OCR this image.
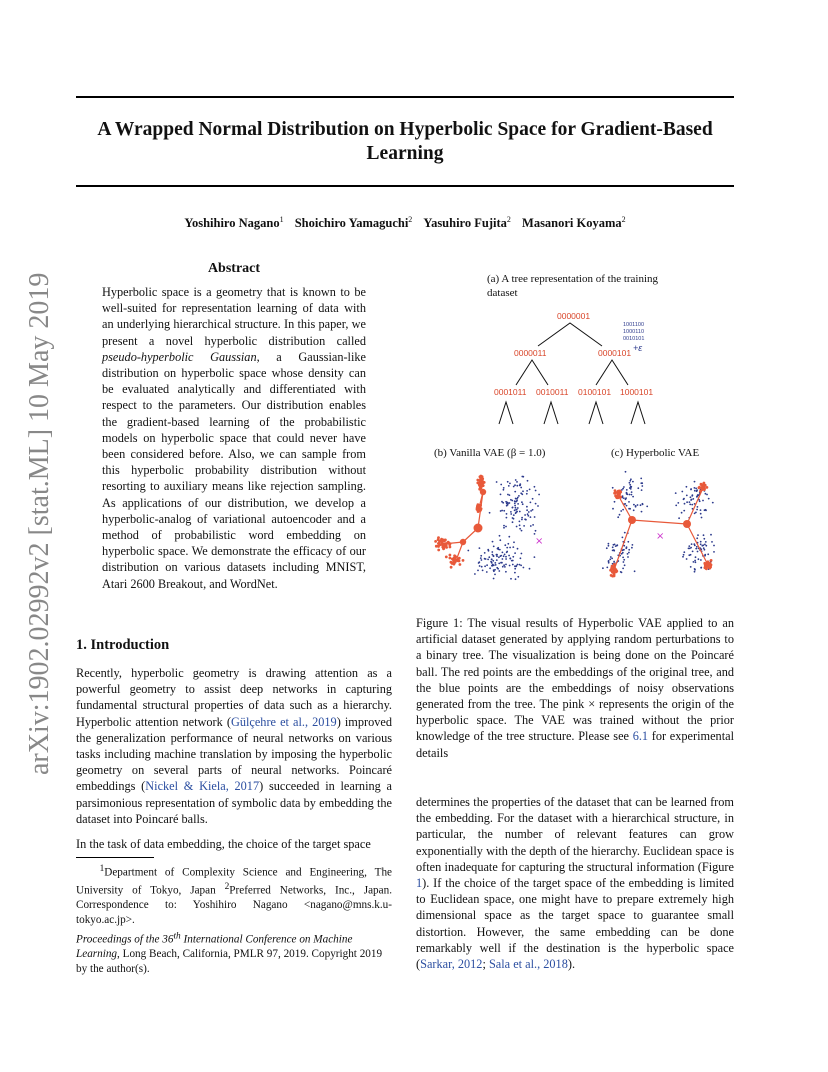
A Wrapped Normal Distribution on Hyperbolic Space for Gradient-Based Learning
Yoshihiro Nagano$^1$ Shoichiro Yamaguchi$^2$ Yasuhiro Fujita$^2$ Masanori Koyama$^2$
arXiv:1902.02992v2 [stat.ML] 10 May 2019
Abstract
Hyperbolic space is a geometry that is known to be well-suited for representation learning of data with an underlying hierarchical structure. In this paper, we present a novel hyperbolic distribution called pseudo-hyperbolic Gaussian, a Gaussian-like distribution on hyperbolic space whose density can be evaluated analytically and differentiated with respect to the parameters. Our distribution enables the gradient-based learning of the probabilistic models on hyperbolic space that could never have been considered before. Also, we can sample from this hyperbolic probability distribution without resorting to auxiliary means like rejection sampling. As applications of our distribution, we develop a hyperbolic-analog of variational autoencoder and a method of probabilistic word embedding on hyperbolic space. We demonstrate the efficacy of our distribution on various datasets including MNIST, Atari 2600 Breakout, and WordNet.
1. Introduction
Recently, hyperbolic geometry is drawing attention as a powerful geometry to assist deep networks in capturing fundamental structural properties of data such as a hierarchy. Hyperbolic attention network (Gülçehre et al., 2019) improved the generalization performance of neural networks on various tasks including machine translation by imposing the hyperbolic geometry on several parts of neural networks. Poincaré embeddings (Nickel & Kiela, 2017) succeeded in learning a parsimonious representation of symbolic data by embedding the dataset into Poincaré balls.
In the task of data embedding, the choice of the target space
$^1$Department of Complexity Science and Engineering, The University of Tokyo, Japan $^2$Preferred Networks, Inc., Japan. Correspondence to: Yoshihiro Nagano <nagano@mns.k.u-tokyo.ac.jp>.
Proceedings of the 36th International Conference on Machine Learning, Long Beach, California, PMLR 97, 2019. Copyright 2019 by the author(s).
(a) A tree representation of the training dataset
(b) Vanilla VAE (β = 1.0)	(c) Hyperbolic VAE
0000001
0000011	0000101
0001011 0010011 0100101 1000101
1001100
1000110
0010101
+ε
×	×
Figure 1: The visual results of Hyperbolic VAE applied to an artificial dataset generated by applying random perturbations to a binary tree. The visualization is being done on the Poincaré ball. The red points are the embeddings of the original tree, and the blue points are the embeddings of noisy observations generated from the tree. The pink × represents the origin of the hyperbolic space. The VAE was trained without the prior knowledge of the tree structure. Please see 6.1 for experimental details
determines the properties of the dataset that can be learned from the embedding. For the dataset with a hierarchical structure, in particular, the number of relevant features can grow exponentially with the depth of the hierarchy. Euclidean space is often inadequate for capturing the structural information (Figure 1). If the choice of the target space of the embedding is limited to Euclidean space, one might have to prepare extremely high dimensional space as the target space to guarantee small distortion. However, the same embedding can be done remarkably well if the destination is the hyperbolic space (Sarkar, 2012; Sala et al., 2018).
